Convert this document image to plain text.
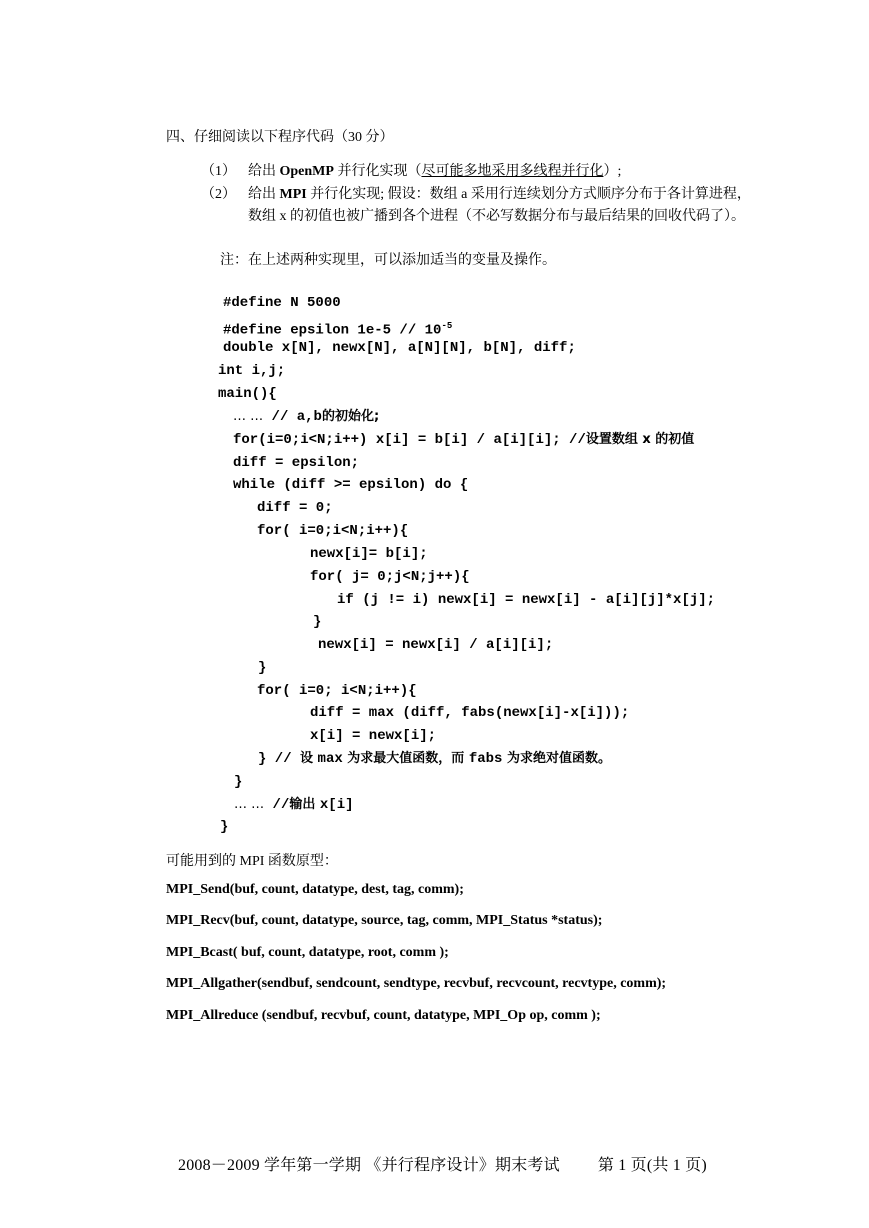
四、仔细阅读以下程序代码（30 分）
（1） 给出 OpenMP 并行化实现（尽可能多地采用多线程并行化）;
（2） 给出 MPI 并行化实现; 假设：数组 a 采用行连续划分方式顺序分布于各计算进程，
数组 x 的初值也被广播到各个进程（不必写数据分布与最后结果的回收代码了）。
注：在上述两种实现里，可以添加适当的变量及操作。
#define N 5000
#define epsilon $1e-5 // 10^{-5}$
double x[N], newx[N], a[N][N], b[N], diff;
int i,j;
main(){
… … // a,b的初始化;
for(i=0;i<N;i++) x[i] = b[i] / a[i][i]; //设置数组 x 的初值
diff = epsilon;
while (diff >= epsilon) do {
diff = 0;
for( i=0;i<N;i++){
newx[i]= b[i];
for( j= 0;j<N;j++){
if (j != i) newx[i] = newx[i] - a[i][j]*x[j];
}
newx[i] = newx[i] / a[i][i];
}
for( i=0; i<N;i++){
diff = max (diff, fabs(newx[i]-x[i]));
x[i] = newx[i];
} // 设 max 为求最大值函数，而 fabs 为求绝对值函数。
}
… … //输出 x[i]
}
可能用到的 MPI 函数原型：
MPI_Send(buf, count, datatype, dest, tag, comm);
MPI_Recv(buf, count, datatype, source, tag, comm, MPI_Status *status);
MPI_Bcast( buf, count, datatype, root, comm );
MPI_Allgather(sendbuf, sendcount, sendtype, recvbuf, recvcount, recvtype, comm);
MPI_Allreduce (sendbuf, recvbuf, count, datatype, MPI_Op op, comm );
2008－2009 学年第一学期 《并行程序设计》期末考试 第 1 页(共 1 页)
